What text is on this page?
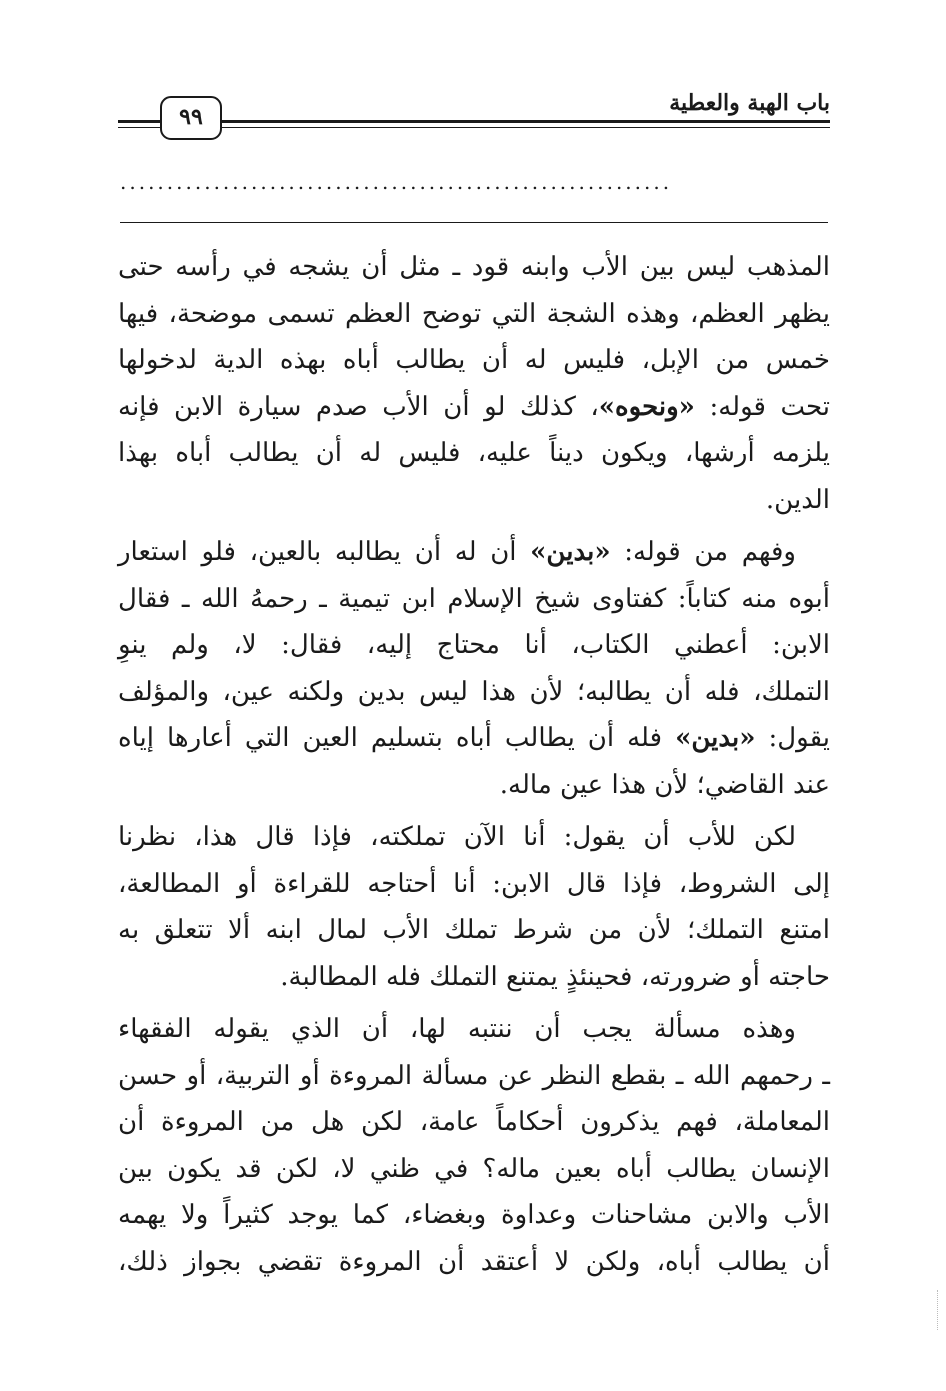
باب الهبة والعطية
٩٩
...........................................................

المذهب ليس بين الأب وابنه قود ـ مثل أن يشجه في رأسه حتى
يظهر العظم، وهذه الشجة التي توضح العظم تسمى موضحة، فيها
خمس من الإبل، فليس له أن يطالب أباه بهذه الدية لدخولها
تحت قوله: «ونحوه»، كذلك لو أن الأب صدم سيارة الابن فإنه
يلزمه أرشها، ويكون ديناً عليه، فليس له أن يطالب أباه بهذا
الدين.

وفهم من قوله: «بدين» أن له أن يطالبه بالعين، فلو استعار
أبوه منه كتاباً: كفتاوى شيخ الإسلام ابن تيمية ـ رحمهُ الله ـ فقال
الابن: أعطني الكتاب، أنا محتاج إليه، فقال: لا، ولم ينوِ
التملك، فله أن يطالبه؛ لأن هذا ليس بدين ولكنه عين، والمؤلف
يقول: «بدين» فله أن يطالب أباه بتسليم العين التي أعارها إياه
عند القاضي؛ لأن هذا عين ماله.

لكن للأب أن يقول: أنا الآن تملكته، فإذا قال هذا، نظرنا
إلى الشروط، فإذا قال الابن: أنا أحتاجه للقراءة أو المطالعة،
امتنع التملك؛ لأن من شرط تملك الأب لمال ابنه ألا تتعلق به
حاجته أو ضرورته، فحينئذٍ يمتنع التملك فله المطالبة.

وهذه مسألة يجب أن ننتبه لها، أن الذي يقوله الفقهاء
ـ رحمهم الله ـ بقطع النظر عن مسألة المروءة أو التربية، أو حسن
المعاملة، فهم يذكرون أحكاماً عامة، لكن هل من المروءة أن
الإنسان يطالب أباه بعين ماله؟ في ظني لا، لكن قد يكون بين
الأب والابن مشاحنات وعداوة وبغضاء، كما يوجد كثيراً ولا يهمه
أن يطالب أباه، ولكن لا أعتقد أن المروءة تقضي بجواز ذلك،
